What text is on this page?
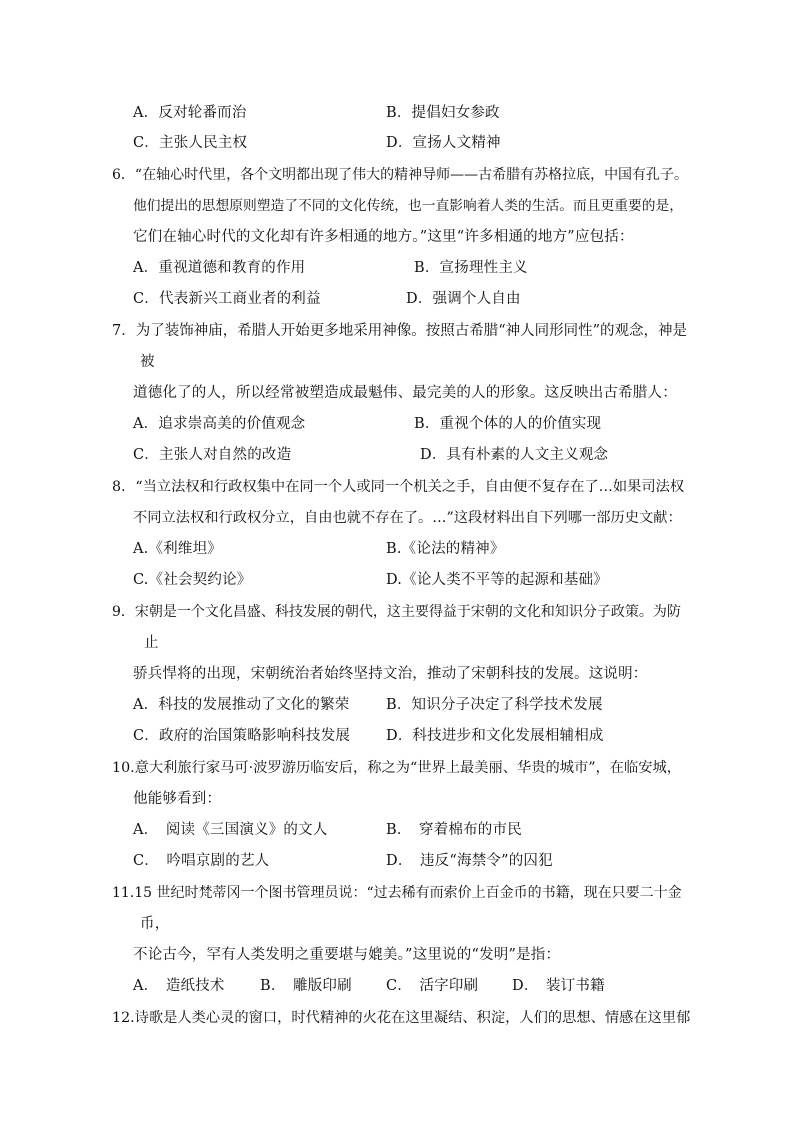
A．反对轮番而治	B．提倡妇女参政
C．主张人民主权	D．宣扬人文精神
6．“在轴心时代里，各个文明都出现了伟大的精神导师——古希腊有苏格拉底，中国有孔子。
他们提出的思想原则塑造了不同的文化传统，也一直影响着人类的生活。而且更重要的是，
它们在轴心时代的文化却有许多相通的地方。”这里“许多相通的地方”应包括：
A．重视道德和教育的作用	B．宣扬理性主义
C．代表新兴工商业者的利益	D．强调个人自由
7．为了装饰神庙，希腊人开始更多地采用神像。按照古希腊“神人同形同性”的观念，神是
被
道德化了的人，所以经常被塑造成最魁伟、最完美的人的形象。这反映出古希腊人：
A．追求崇高美的价值观念	B．重视个体的人的价值实现
C．主张人对自然的改造	D．具有朴素的人文主义观念
8．“当立法权和行政权集中在同一个人或同一个机关之手，自由便不复存在了…如果司法权
不同立法权和行政权分立，自由也就不存在了。…”这段材料出自下列哪一部历史文献：
A.《利维坦》	B.《论法的精神》
C.《社会契约论》	D.《论人类不平等的起源和基础》
9．宋朝是一个文化昌盛、科技发展的朝代，这主要得益于宋朝的文化和知识分子政策。为防
止
骄兵悍将的出现，宋朝统治者始终坚持文治，推动了宋朝科技的发展。这说明：
A．科技的发展推动了文化的繁荣	B．知识分子决定了科学技术发展
C．政府的治国策略影响科技发展 D．科技进步和文化发展相辅相成
10.意大利旅行家马可·波罗游历临安后，称之为“世界上最美丽、华贵的城市”，在临安城，
他能够看到：
A．　阅读《三国演义》的文人	B．　穿着棉布的市民
C．　吟唱京剧的艺人	D．　违反“海禁令”的囚犯
11.15 世纪时梵蒂冈一个图书管理员说：“过去稀有而索价上百金币的书籍，现在只要二十金
币，
不论古今，罕有人类发明之重要堪与媲美。”这里说的“发明”是指：
A．　造纸技术 B．　雕版印刷 C．　活字印刷 D．　装订书籍
12.诗歌是人类心灵的窗口，时代精神的火花在这里凝结、积淀，人们的思想、情感在这里郁
